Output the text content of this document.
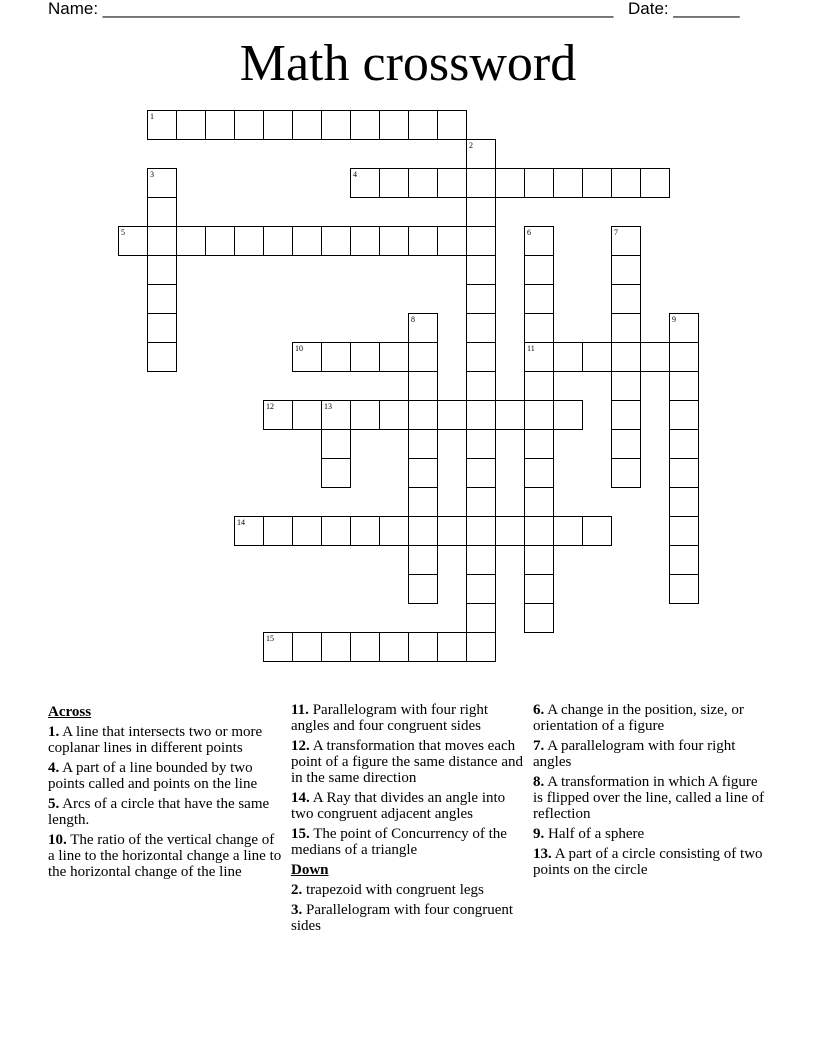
Name: ______________________________________________________ Date: _______
Math crossword
1
4
5
10	11
12	13
14
15
2
3
6	7
8	9
Across
1. A line that intersects two or more coplanar lines in different points
4. A part of a line bounded by two points called and points on the line
5. Arcs of a circle that have the same length.
10. The ratio of the vertical change of a line to the horizontal change a line to the horizontal change of the line
11. Parallelogram with four right angles and four congruent sides
12. A transformation that moves each point of a figure the same distance and in the same direction
14. A Ray that divides an angle into two congruent adjacent angles
15. The point of Concurrency of the medians of a triangle
Down
2. trapezoid with congruent legs
3. Parallelogram with four congruent sides
6. A change in the position, size, or orientation of a figure
7. A parallelogram with four right angles
8. A transformation in which A figure is flipped over the line, called a line of reflection
9. Half of a sphere
13. A part of a circle consisting of two points on the circle
